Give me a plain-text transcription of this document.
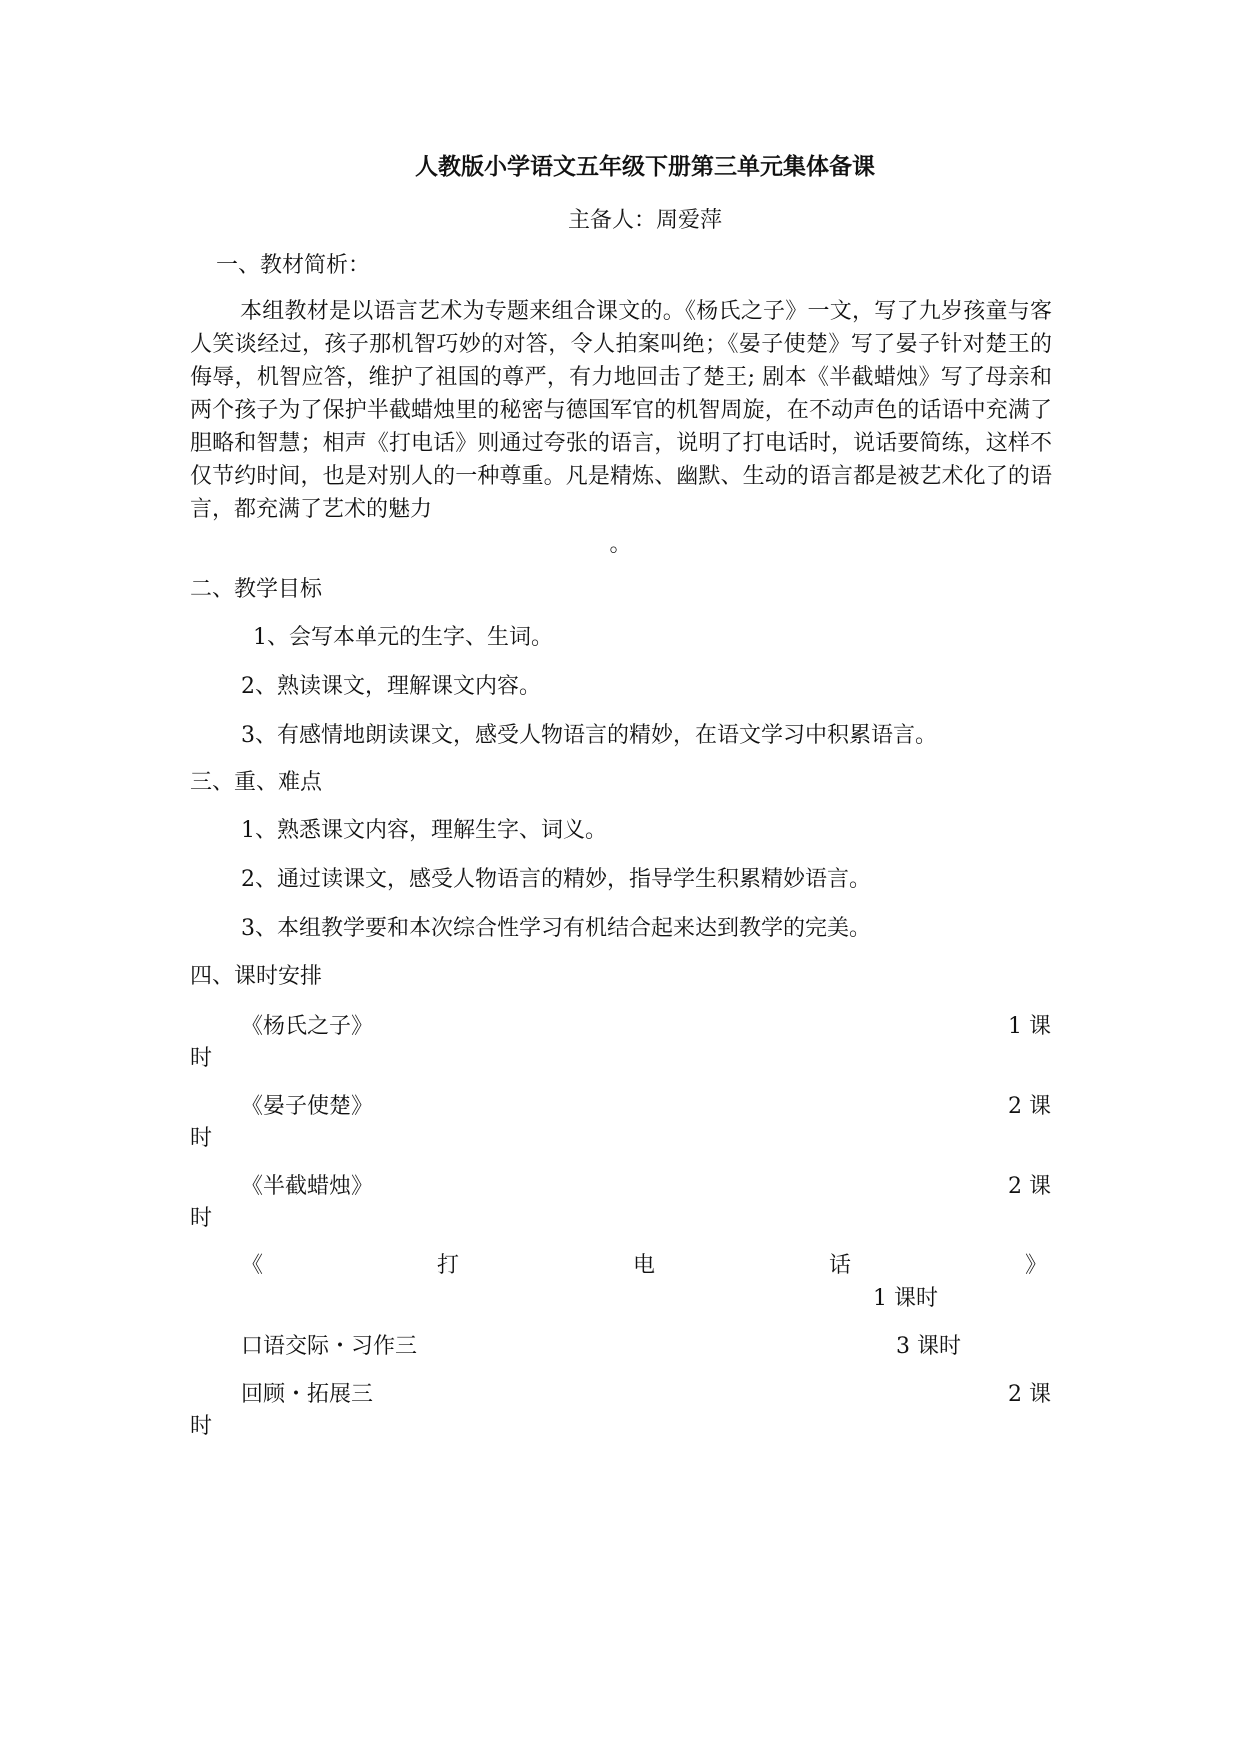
人教版小学语文五年级下册第三单元集体备课
主备人：周爱萍
一、教材简析：
本组教材是以语言艺术为专题来组合课文的。《杨氏之子》一文，写了九岁孩童与客人笑谈经过，孩子那机智巧妙的对答，令人拍案叫绝；《晏子使楚》写了晏子针对楚王的侮辱，机智应答，维护了祖国的尊严，有力地回击了楚王; 剧本《半截蜡烛》写了母亲和两个孩子为了保护半截蜡烛里的秘密与德国军官的机智周旋，在不动声色的话语中充满了胆略和智慧；相声《打电话》则通过夸张的语言，说明了打电话时，说话要简练，这样不仅节约时间，也是对别人的一种尊重。凡是精炼、幽默、生动的语言都是被艺术化了的语言，都充满了艺术的魅力
。
二、教学目标
1、会写本单元的生字、生词。
2、熟读课文，理解课文内容。
3、有感情地朗读课文，感受人物语言的精妙，在语文学习中积累语言。
三、重、难点
1、熟悉课文内容，理解生字、词义。
2、通过读课文，感受人物语言的精妙，指导学生积累精妙语言。
3、本组教学要和本次综合性学习有机结合起来达到教学的完美。
四、课时安排
《杨氏之子》	1 课
时
《晏子使楚》	2 课
时
《半截蜡烛》	2 课
时
《	打	电	话	》
1 课时
口语交际・习作三	3 课时
回顾・拓展三	2 课
时
